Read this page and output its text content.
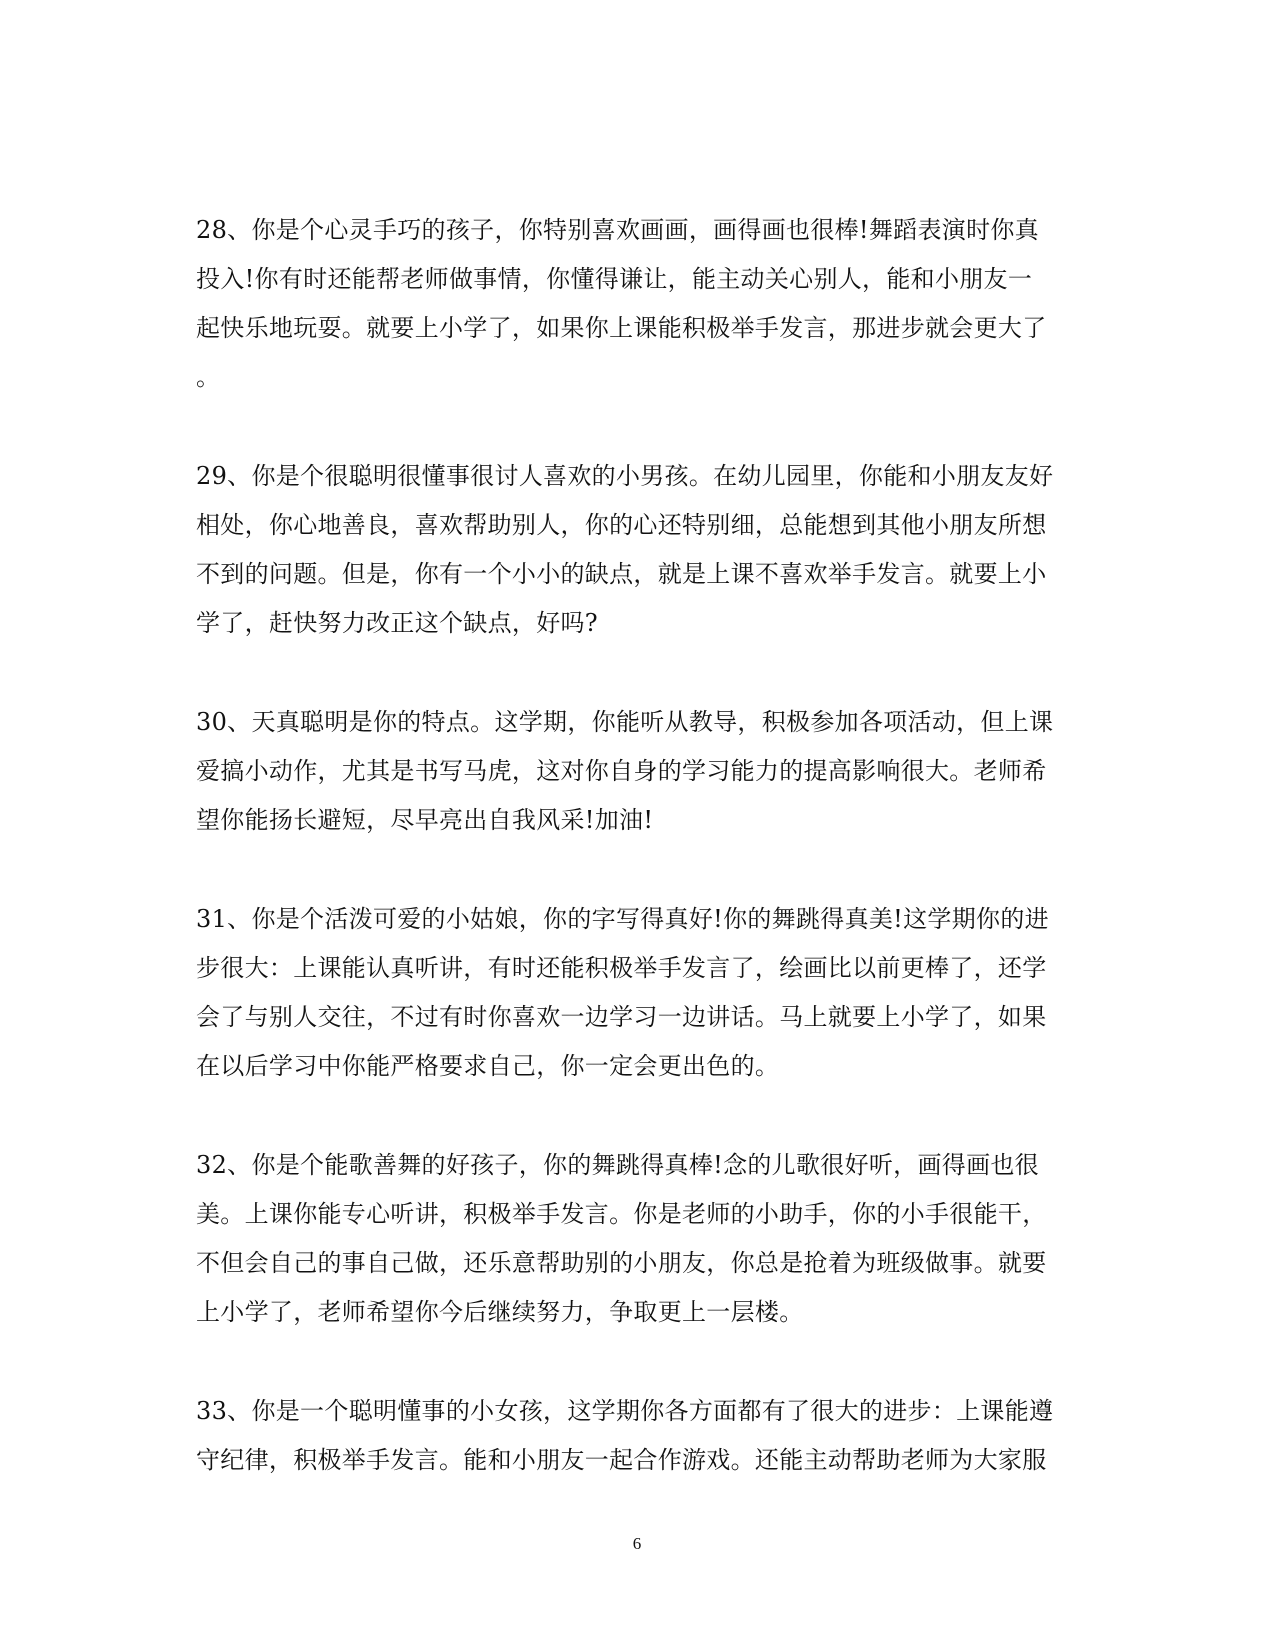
28、你是个心灵手巧的孩子，你特别喜欢画画，画得画也很棒!舞蹈表演时你真
投入!你有时还能帮老师做事情，你懂得谦让，能主动关心别人，能和小朋友一
起快乐地玩耍。就要上小学了，如果你上课能积极举手发言，那进步就会更大了
。

29、你是个很聪明很懂事很讨人喜欢的小男孩。在幼儿园里，你能和小朋友友好
相处，你心地善良，喜欢帮助别人，你的心还特别细，总能想到其他小朋友所想
不到的问题。但是，你有一个小小的缺点，就是上课不喜欢举手发言。就要上小
学了，赶快努力改正这个缺点，好吗?

30、天真聪明是你的特点。这学期，你能听从教导，积极参加各项活动，但上课
爱搞小动作，尤其是书写马虎，这对你自身的学习能力的提高影响很大。老师希
望你能扬长避短，尽早亮出自我风采!加油!

31、你是个活泼可爱的小姑娘，你的字写得真好!你的舞跳得真美!这学期你的进
步很大：上课能认真听讲，有时还能积极举手发言了，绘画比以前更棒了，还学
会了与别人交往，不过有时你喜欢一边学习一边讲话。马上就要上小学了，如果
在以后学习中你能严格要求自己，你一定会更出色的。

32、你是个能歌善舞的好孩子，你的舞跳得真棒!念的儿歌很好听，画得画也很
美。上课你能专心听讲，积极举手发言。你是老师的小助手，你的小手很能干，
不但会自己的事自己做，还乐意帮助别的小朋友，你总是抢着为班级做事。就要
上小学了，老师希望你今后继续努力，争取更上一层楼。

33、你是一个聪明懂事的小女孩，这学期你各方面都有了很大的进步：上课能遵
守纪律，积极举手发言。能和小朋友一起合作游戏。还能主动帮助老师为大家服

6
